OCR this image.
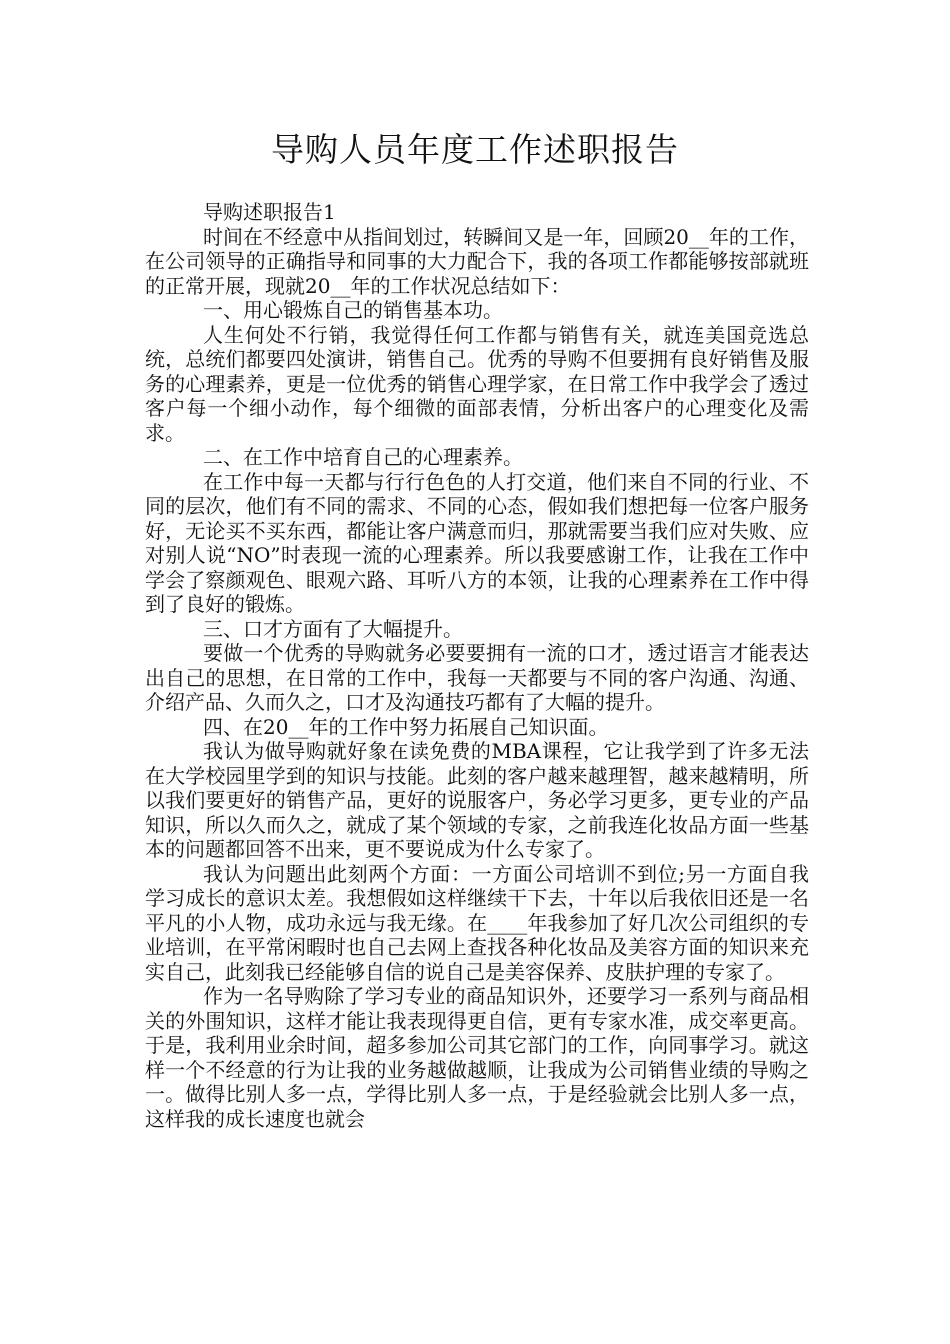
导购人员年度工作述职报告

导购述职报告1

时间在不经意中从指间划过，转瞬间又是一年，回顾20__年的工作，在公司领导的正确指导和同事的大力配合下，我的各项工作都能够按部就班的正常开展，现就20__年的工作状况总结如下：

一、用心锻炼自己的销售基本功。

人生何处不行销，我觉得任何工作都与销售有关，就连美国竞选总统，总统们都要四处演讲，销售自己。优秀的导购不但要拥有良好销售及服务的心理素养，更是一位优秀的销售心理学家，在日常工作中我学会了透过客户每一个细小动作，每个细微的面部表情，分析出客户的心理变化及需求。

二、在工作中培育自己的心理素养。

在工作中每一天都与行行色色的人打交道，他们来自不同的行业、不同的层次，他们有不同的需求、不同的心态，假如我们想把每一位客户服务好，无论买不买东西，都能让客户满意而归，那就需要当我们应对失败、应对别人说“NO”时表现一流的心理素养。所以我要感谢工作，让我在工作中学会了察颜观色、眼观六路、耳听八方的本领，让我的心理素养在工作中得到了良好的锻炼。

三、口才方面有了大幅提升。

要做一个优秀的导购就务必要要拥有一流的口才，透过语言才能表达出自己的思想，在日常的工作中，我每一天都要与不同的客户沟通、沟通、介绍产品、久而久之，口才及沟通技巧都有了大幅的提升。

四、在20__年的工作中努力拓展自己知识面。

我认为做导购就好象在读免费的MBA课程，它让我学到了许多无法在大学校园里学到的知识与技能。此刻的客户越来越理智，越来越精明，所以我们要更好的销售产品，更好的说服客户，务必学习更多，更专业的产品知识，所以久而久之，就成了某个领域的专家，之前我连化妆品方面一些基本的问题都回答不出来，更不要说成为什么专家了。

我认为问题出此刻两个方面：一方面公司培训不到位;另一方面自我学习成长的意识太差。我想假如这样继续干下去，十年以后我依旧还是一名平凡的小人物，成功永远与我无缘。在____年我参加了好几次公司组织的专业培训，在平常闲暇时也自己去网上查找各种化妆品及美容方面的知识来充实自己，此刻我已经能够自信的说自己是美容保养、皮肤护理的专家了。

作为一名导购除了学习专业的商品知识外，还要学习一系列与商品相关的外围知识，这样才能让我表现得更自信，更有专家水准，成交率更高。于是，我利用业余时间，超多参加公司其它部门的工作，向同事学习。就这样一个不经意的行为让我的业务越做越顺，让我成为公司销售业绩的导购之一。做得比别人多一点，学得比别人多一点，于是经验就会比别人多一点，这样我的成长速度也就会
